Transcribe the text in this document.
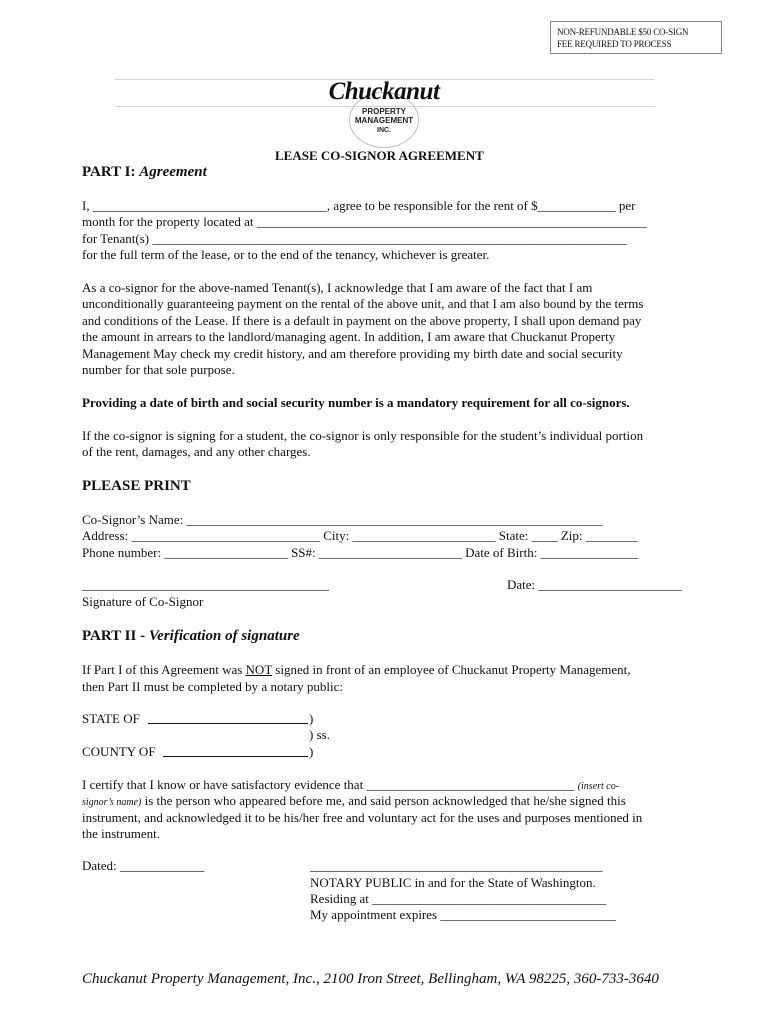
NON-REFUNDABLE $50 CO-SIGN
FEE REQUIRED TO PROCESS
Chuckanut
PROPERTY
MANAGEMENT
INC.
LEASE CO-SIGNOR AGREEMENT
PART I: Agreement
I, ____________________________________, agree to be responsible for the rent of $____________ per
month for the property located at ____________________________________________________________
for Tenant(s) _________________________________________________________________________
for the full term of the lease, or to the end of the tenancy, whichever is greater.
As a co-signor for the above-named Tenant(s), I acknowledge that I am aware of the fact that I am
unconditionally guaranteeing payment on the rental of the above unit, and that I am also bound by the terms
and conditions of the Lease. If there is a default in payment on the above property, I shall upon demand pay
the amount in arrears to the landlord/managing agent. In addition, I am aware that Chuckanut Property
Management May check my credit history, and am therefore providing my birth date and social security
number for that sole purpose.
Providing a date of birth and social security number is a mandatory requirement for all co-signors.
If the co-signor is signing for a student, the co-signor is only responsible for the student’s individual portion
of the rent, damages, and any other charges.
PLEASE PRINT
Co-Signor’s Name: ________________________________________________________________
Address: _____________________________ City: ______________________ State: ____ Zip: ________
Phone number: ___________________ SS#: ______________________ Date of Birth: _______________
______________________________________	Date: ______________________
Signature of Co-Signor
PART II - Verification of signature
If Part I of this Agreement was NOT signed in front of an employee of Chuckanut Property Management,
then Part II must be completed by a notary public:
STATE OF	)
) ss.
COUNTY OF	)
I certify that I know or have satisfactory evidence that ________________________________ (insert co-
signor’s name) is the person who appeared before me, and said person acknowledged that he/she signed this
instrument, and acknowledged it to be his/her free and voluntary act for the uses and purposes mentioned in
the instrument.
Dated: _____________	_____________________________________________
NOTARY PUBLIC in and for the State of Washington.
Residing at ____________________________________
My appointment expires ___________________________
Chuckanut Property Management, Inc., 2100 Iron Street, Bellingham, WA 98225, 360-733-3640
